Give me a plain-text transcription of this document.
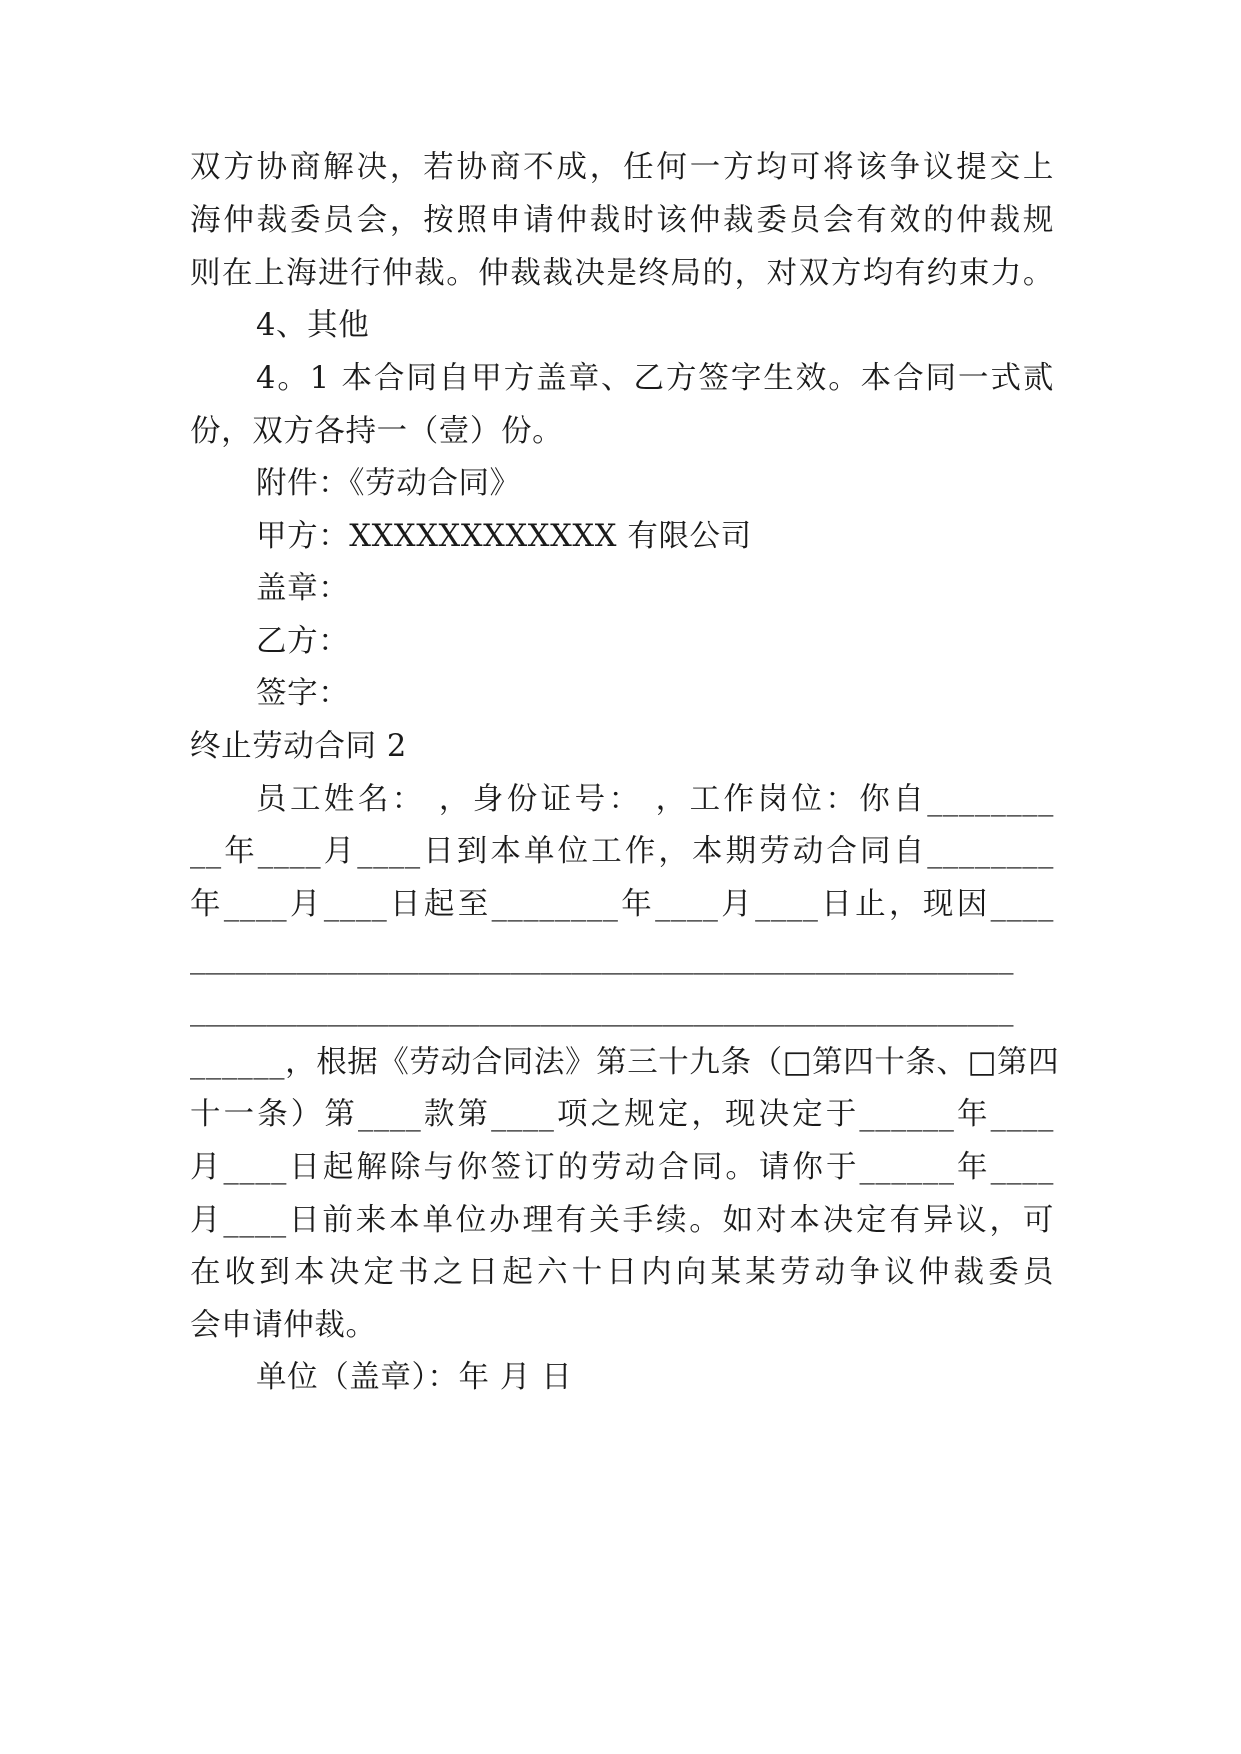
双方协商解决，若协商不成，任何一方均可将该争议提交上
海仲裁委员会，按照申请仲裁时该仲裁委员会有效的仲裁规
则在上海进行仲裁。仲裁裁决是终局的，对双方均有约束力。
4、其他
4。1 本合同自甲方盖章、乙方签字生效。本合同一式贰
份，双方各持一（壹）份。
附件：《劳动合同》
甲方：XXXXXXXXXXXX 有限公司
盖章：
乙方：
签字：
终止劳动合同 2
员工姓名： ，身份证号： ，工作岗位：你自________
__年____月____日到本单位工作，本期劳动合同自________
年____月____日起至________年____月____日止，现因____
______________________________________________________
______________________________________________________
______，根据《劳动合同法》第三十九条（□第四十条、□第四
十一条）第____款第____项之规定，现决定于______年____
月____日起解除与你签订的劳动合同。请你于______年____
月____日前来本单位办理有关手续。如对本决定有异议，可
在收到本决定书之日起六十日内向某某劳动争议仲裁委员
会申请仲裁。
单位（盖章）：年 月 日
